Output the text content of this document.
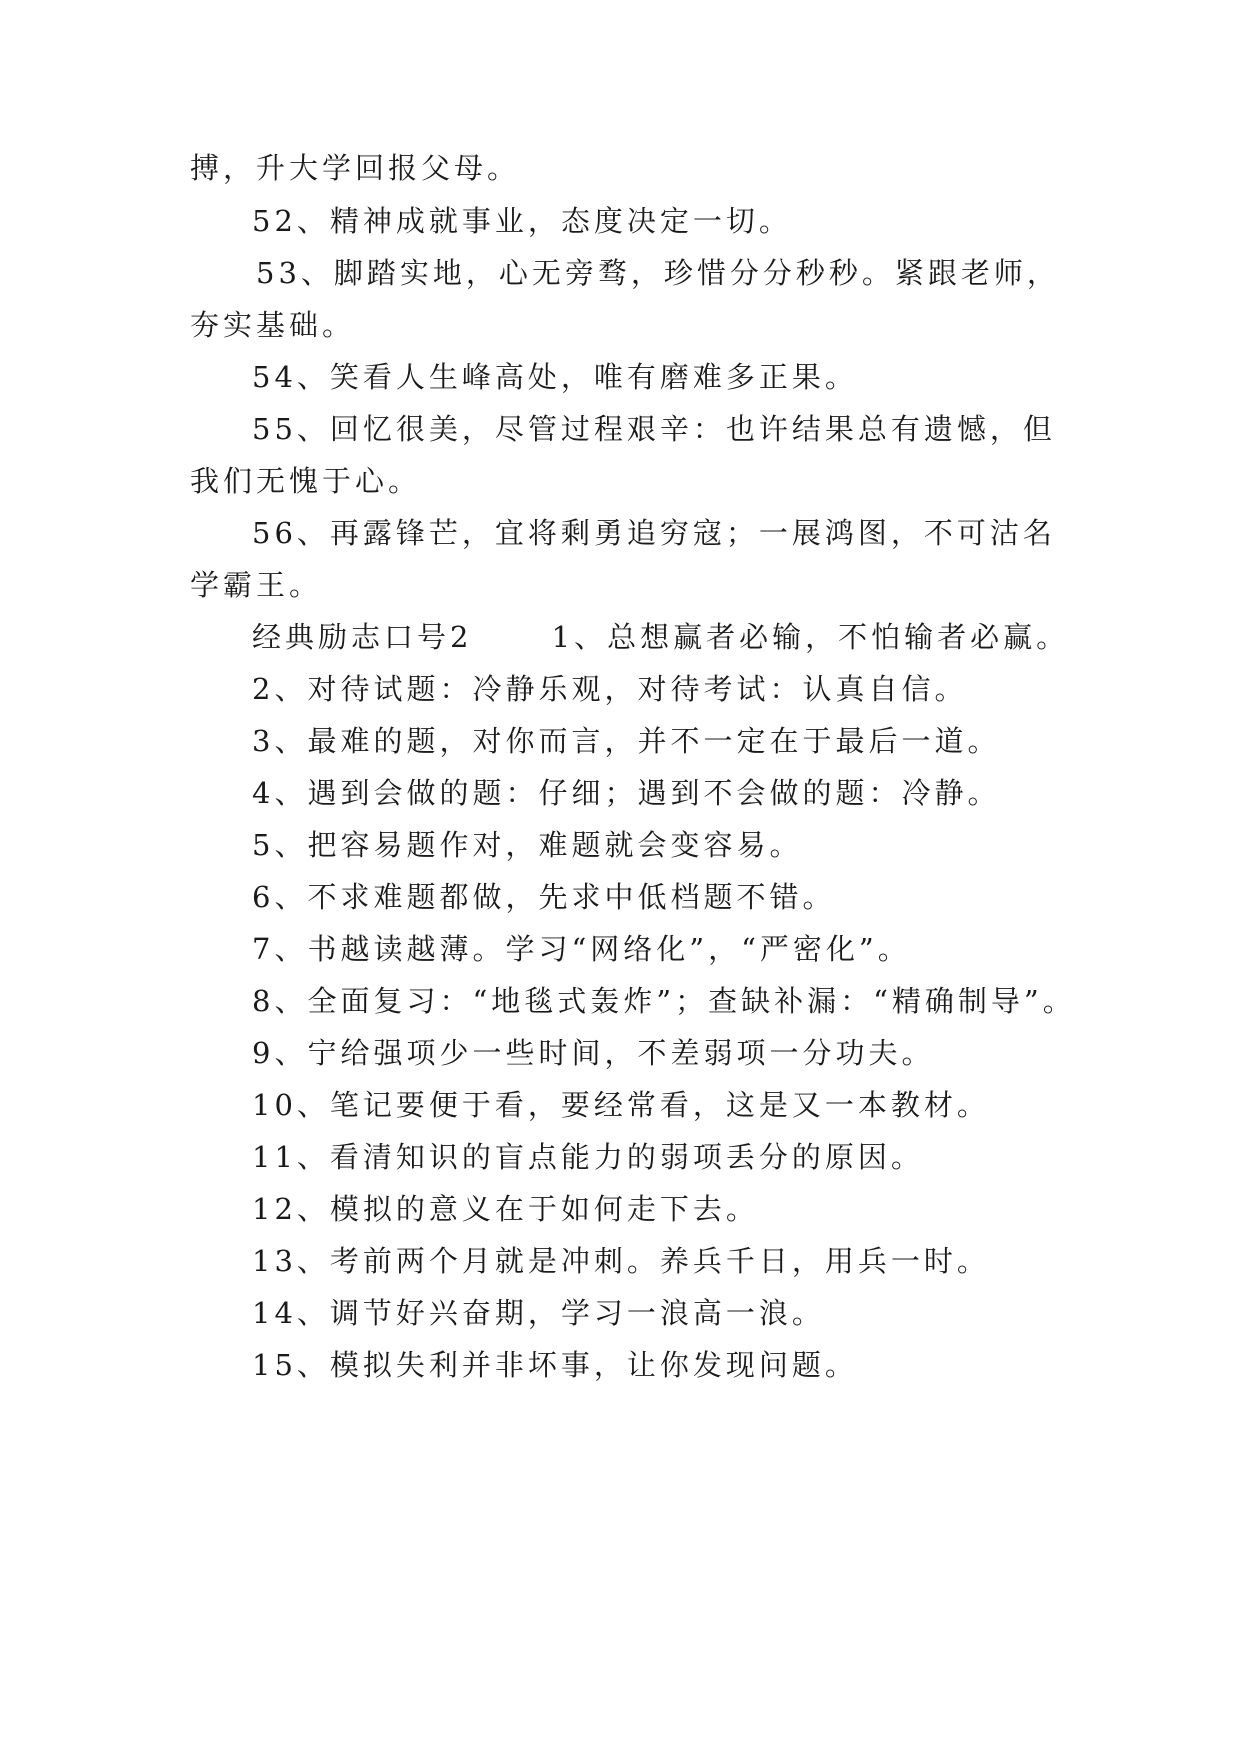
搏，升大学回报父母。
52、精神成就事业，态度决定一切。
53、脚踏实地，心无旁骛，珍惜分分秒秒。紧跟老师，
夯实基础。
54、笑看人生峰高处，唯有磨难多正果。
55、回忆很美，尽管过程艰辛：也许结果总有遗憾，但
我们无愧于心。
56、再露锋芒，宜将剩勇追穷寇；一展鸿图，不可沽名
学霸王。
经典励志口号2　　 1、总想赢者必输，不怕输者必赢。
2、对待试题：冷静乐观，对待考试：认真自信。
3、最难的题，对你而言，并不一定在于最后一道。
4、遇到会做的题：仔细；遇到不会做的题：冷静。
5、把容易题作对，难题就会变容易。
6、不求难题都做，先求中低档题不错。
7、书越读越薄。学习“网络化”，“严密化”。
8、全面复习：“地毯式轰炸”；查缺补漏：“精确制导”。
9、宁给强项少一些时间，不差弱项一分功夫。
10、笔记要便于看，要经常看，这是又一本教材。
11、看清知识的盲点能力的弱项丢分的原因。
12、模拟的意义在于如何走下去。
13、考前两个月就是冲刺。养兵千日，用兵一时。
14、调节好兴奋期，学习一浪高一浪。
15、模拟失利并非坏事，让你发现问题。
